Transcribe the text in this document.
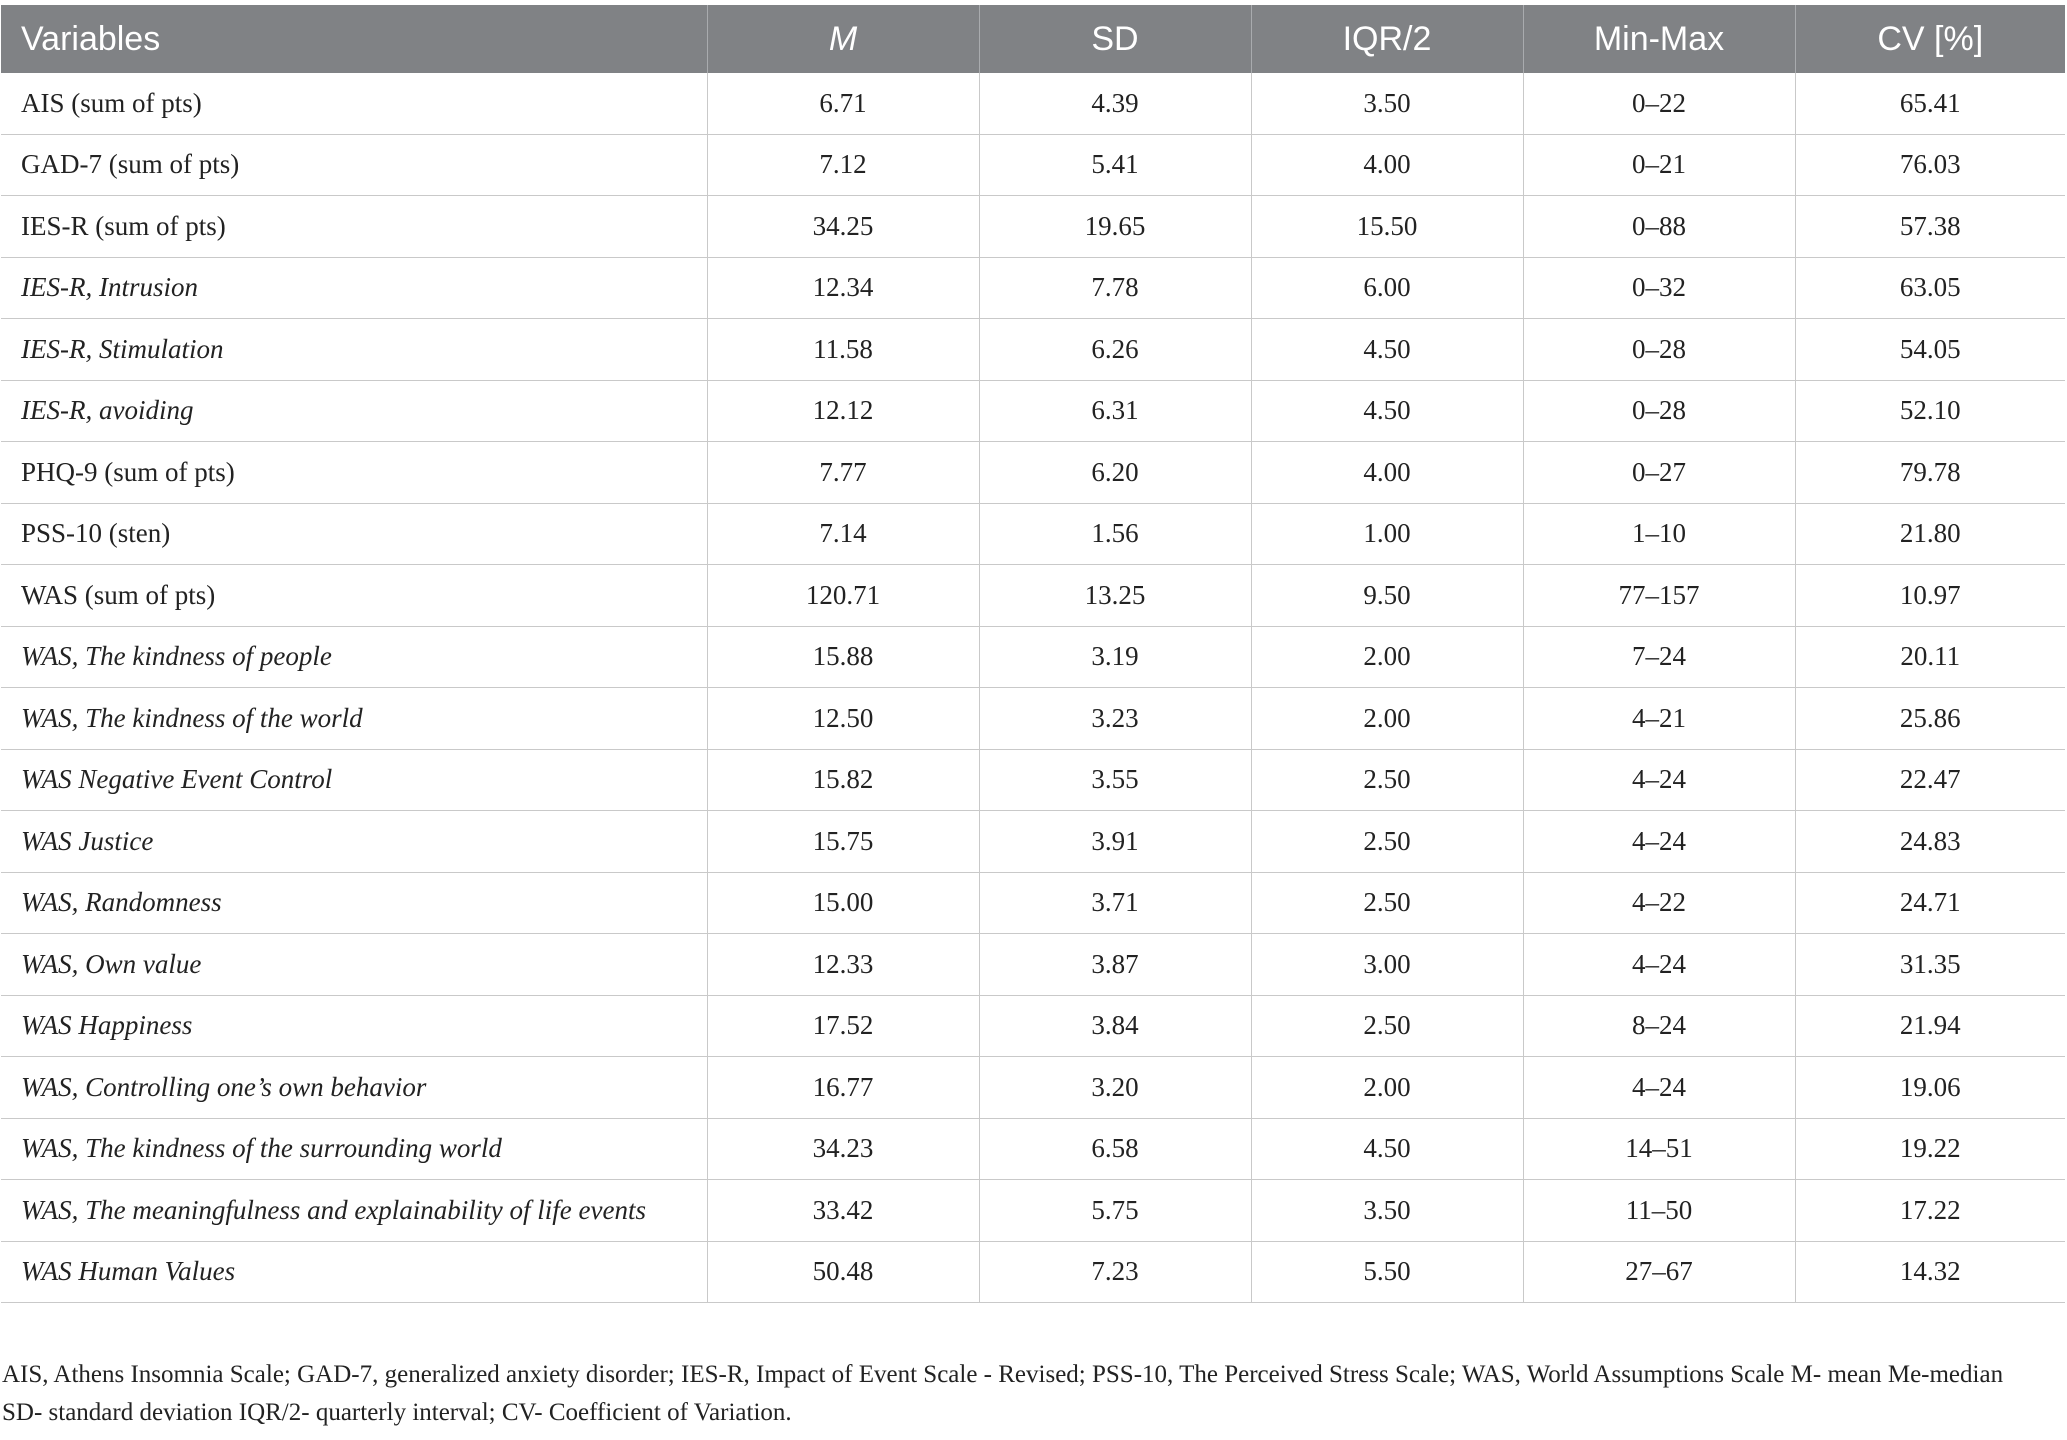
Variables	M	SD	IQR/2	Min-Max	CV [%]
AIS (sum of pts)	6.71	4.39	3.50	0–22	65.41
GAD-7 (sum of pts)	7.12	5.41	4.00	0–21	76.03
IES-R (sum of pts)	34.25	19.65	15.50	0–88	57.38
IES-R, Intrusion	12.34	7.78	6.00	0–32	63.05
IES-R, Stimulation	11.58	6.26	4.50	0–28	54.05
IES-R, avoiding	12.12	6.31	4.50	0–28	52.10
PHQ-9 (sum of pts)	7.77	6.20	4.00	0–27	79.78
PSS-10 (sten)	7.14	1.56	1.00	1–10	21.80
WAS (sum of pts)	120.71	13.25	9.50	77–157	10.97
WAS, The kindness of people	15.88	3.19	2.00	7–24	20.11
WAS, The kindness of the world	12.50	3.23	2.00	4–21	25.86
WAS Negative Event Control	15.82	3.55	2.50	4–24	22.47
WAS Justice	15.75	3.91	2.50	4–24	24.83
WAS, Randomness	15.00	3.71	2.50	4–22	24.71
WAS, Own value	12.33	3.87	3.00	4–24	31.35
WAS Happiness	17.52	3.84	2.50	8–24	21.94
WAS, Controlling one’s own behavior	16.77	3.20	2.00	4–24	19.06
WAS, The kindness of the surrounding world	34.23	6.58	4.50	14–51	19.22
WAS, The meaningfulness and explainability of life events	33.42	5.75	3.50	11–50	17.22
WAS Human Values	50.48	7.23	5.50	27–67	14.32
AIS, Athens Insomnia Scale; GAD-7, generalized anxiety disorder; IES-R, Impact of Event Scale - Revised; PSS-10, The Perceived Stress Scale; WAS, World Assumptions Scale M- mean Me-median SD- standard deviation IQR/2- quarterly interval; CV- Coefficient of Variation.
